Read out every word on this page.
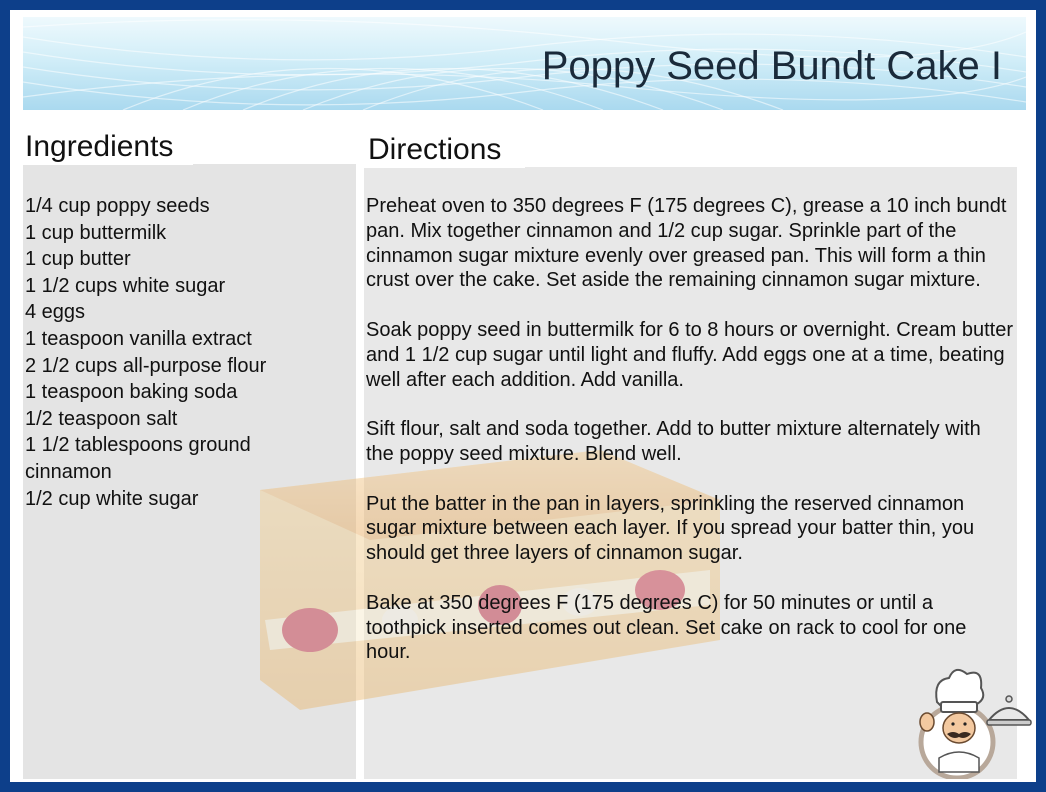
Poppy Seed Bundt Cake I
Ingredients	Directions
1/4 cup poppy seeds
1 cup buttermilk
1 cup butter
1 1/2 cups white sugar
4 eggs
1 teaspoon vanilla extract
2 1/2 cups all-purpose flour
1 teaspoon baking soda
1/2 teaspoon salt
1 1/2 tablespoons ground cinnamon
1/2 cup white sugar

Preheat oven to 350 degrees F (175 degrees C), grease a 10 inch bundt pan. Mix together cinnamon and 1/2 cup sugar. Sprinkle part of the cinnamon sugar mixture evenly over greased pan. This will form a thin crust over the cake. Set aside the remaining cinnamon sugar mixture.

Soak poppy seed in buttermilk for 6 to 8 hours or overnight. Cream butter and 1 1/2 cup sugar until light and fluffy. Add eggs one at a time, beating well after each addition. Add vanilla.

Sift flour, salt and soda together. Add to butter mixture alternately with the poppy seed mixture. Blend well.

Put the batter in the pan in layers, sprinkling the reserved cinnamon sugar mixture between each layer. If you spread your batter thin, you should get three layers of cinnamon sugar.

Bake at 350 degrees F (175 degrees C) for 50 minutes or until a toothpick inserted comes out clean. Set cake on rack to cool for one hour.
